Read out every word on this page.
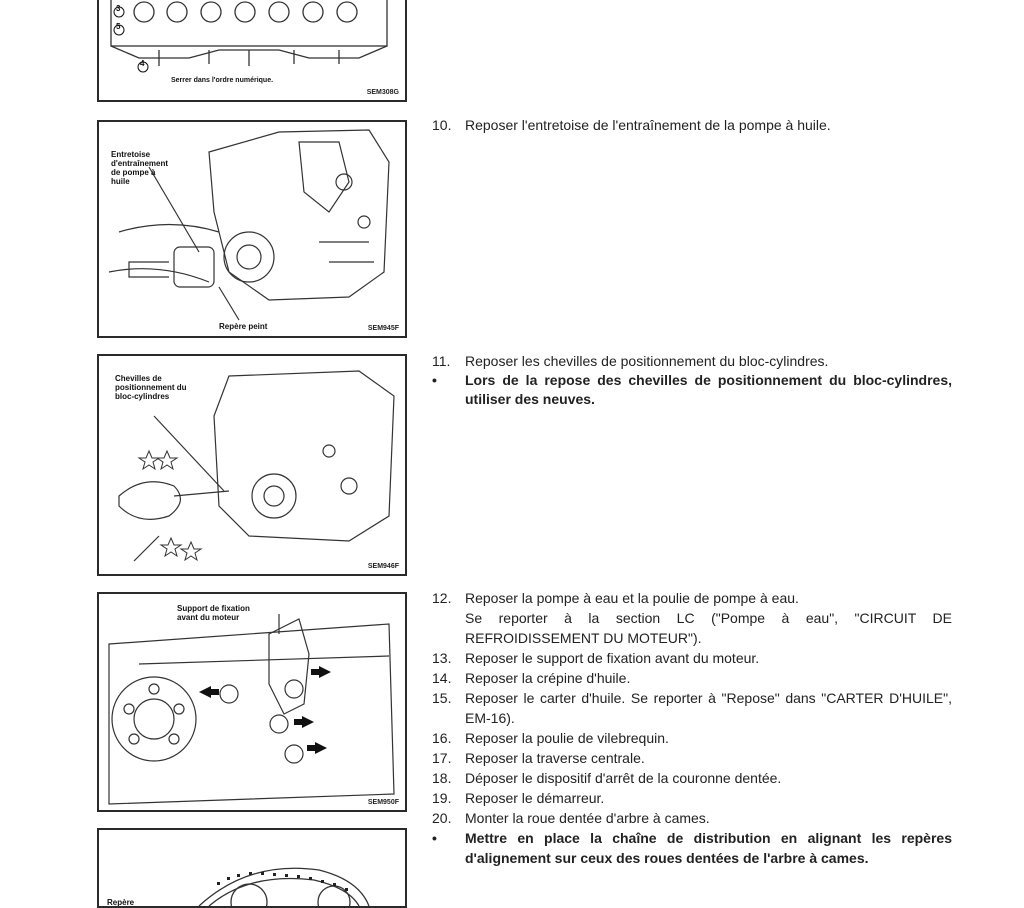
3
5
4
Serrer dans l'ordre numérique.
SEM308G
Entretoise
d'entraînement
de pompe à
huile
Repère peint	SEM945F
Chevilles de
positionnement du
bloc-cylindres
SEM946F
Support de fixation
avant du moteur
SEM950F
Repère
10. Reposer l'entretoise de l'entraînement de la pompe à huile.
11.	Reposer les chevilles de positionnement du bloc-cylindres.
•	Lors de la repose des chevilles de positionnement du bloc-cylindres, utiliser des neuves.
12. Reposer la pompe à eau et la poulie de pompe à eau.
Se reporter à la section LC ("Pompe à eau", "CIRCUIT DE REFROIDISSEMENT DU MOTEUR").
13. Reposer le support de fixation avant du moteur.
14. Reposer la crépine d'huile.
15. Reposer le carter d'huile. Se reporter à "Repose" dans "CARTER D'HUILE", EM-16).
16. Reposer la poulie de vilebrequin.
17. Reposer la traverse centrale.
18. Déposer le dispositif d'arrêt de la couronne dentée.
19. Reposer le démarreur.
20. Monter la roue dentée d'arbre à cames.
•	Mettre en place la chaîne de distribution en alignant les repères d'alignement sur ceux des roues dentées de l'arbre à cames.
